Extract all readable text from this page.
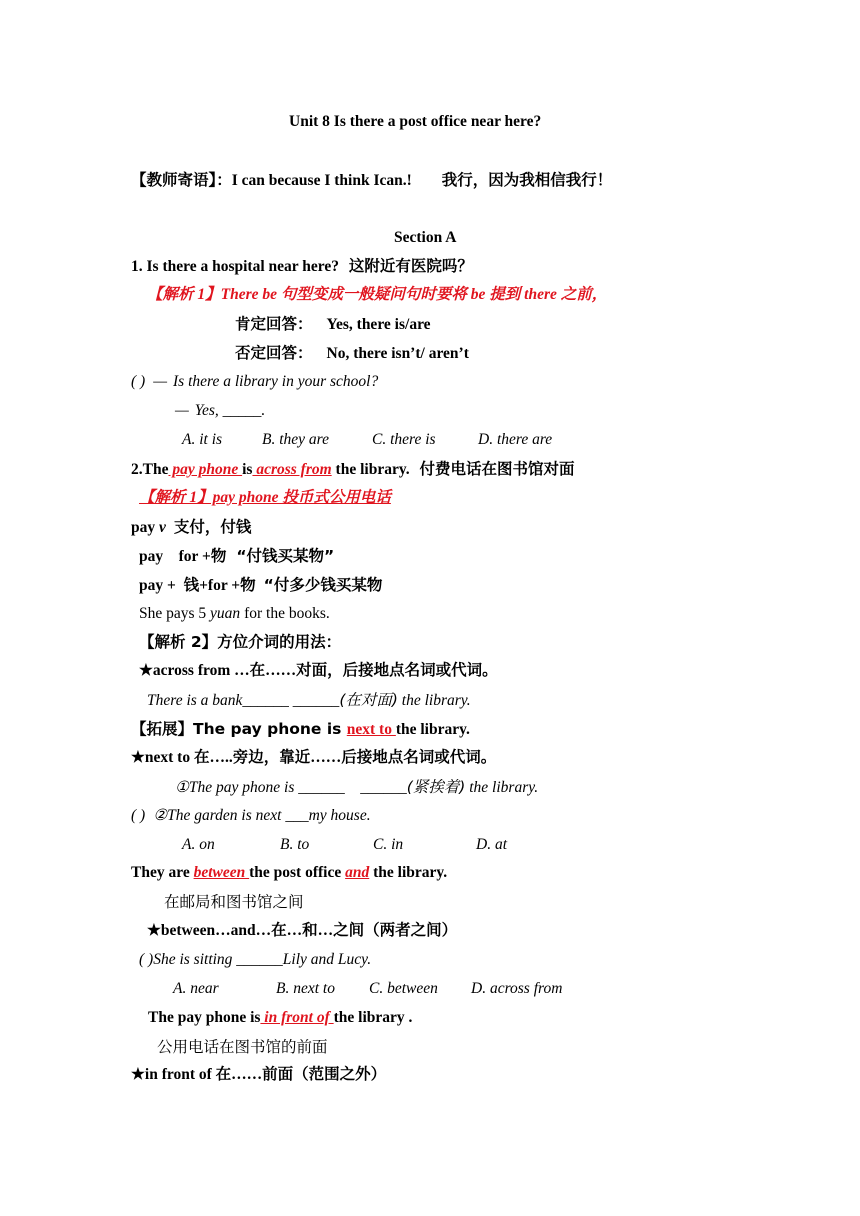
Unit 8 Is there a post office near here?
【教师寄语】：I can because I think Ican.! 我行，因为我相信我行！
Section A
1. Is there a hospital near here? 这附近有医院吗？
【解析 1】There be 句型变成一般疑问句时要将 be 提到 there 之前，
肯定回答： Yes, there is/are
否定回答： No, there isn’t/ aren’t
( ) — Is there a library in your school?
— Yes, _____.
A. it is	B. they are	C. there is	D. there are
2.The pay phone is across from the library. 付费电话在图书馆对面
【解析 1】pay phone 投币式公用电话
pay v 支付，付钱
pay    for +物 “付钱买某物”
pay +  钱+for +物 “付多少钱买某物
She pays 5 yuan for the books.
【解析 2】方位介词的用法：
★across from …在……对面，后接地点名词或代词。
There is a bank______ ______(在对面) the library.
【拓展】The pay phone is next to the library.
★next to 在…..旁边，靠近……后接地点名词或代词。
①The pay phone is ______    ______(紧挨着) the library.
( ) ②The garden is next ___my house.
A. on	B. to	C. in	D. at
They are between the post office and the library.
在邮局和图书馆之间
★between…and…在…和…之间（两者之间）
( )She is sitting ______Lily and Lucy.
A. near	B. next to C. between D. across from
The pay phone is in front of the library .
公用电话在图书馆的前面
★in front of 在……前面（范围之外）
